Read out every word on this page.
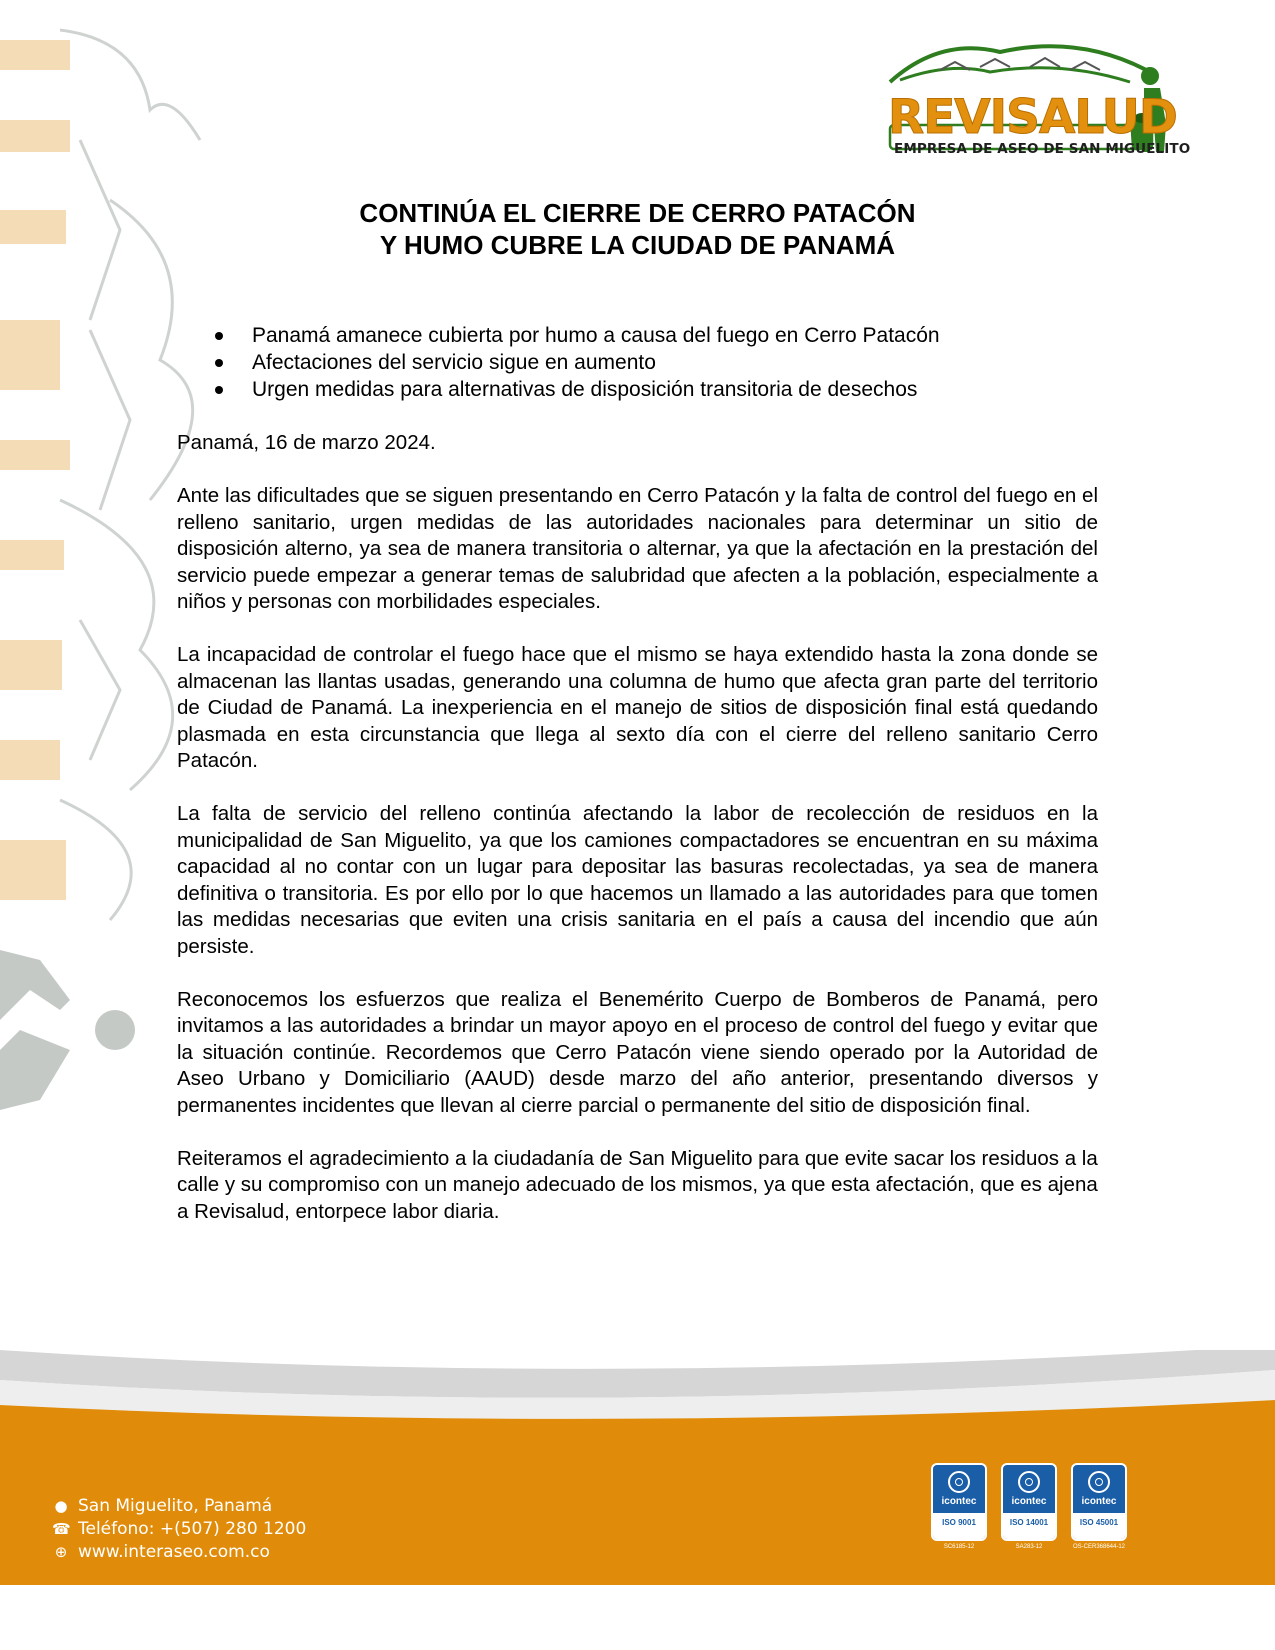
REVISALUD
EMPRESA DE ASEO DE SAN MIGUELITO
CONTINÚA EL CIERRE DE CERRO PATACÓN
Y HUMO CUBRE LA CIUDAD DE PANAMÁ
Panamá amanece cubierta por humo a causa del fuego en Cerro Patacón
Afectaciones del servicio sigue en aumento
Urgen medidas para alternativas de disposición transitoria de desechos

Panamá, 16 de marzo 2024.

Ante las dificultades que se siguen presentando en Cerro Patacón y la falta de control del fuego en el relleno sanitario, urgen medidas de las autoridades nacionales para determinar un sitio de disposición alterno, ya sea de manera transitoria o alternar, ya que la afectación en la prestación del servicio puede empezar a generar temas de salubridad que afecten a la población, especialmente a niños y personas con morbilidades especiales.

La incapacidad de controlar el fuego hace que el mismo se haya extendido hasta la zona donde se almacenan las llantas usadas, generando una columna de humo que afecta gran parte del territorio de Ciudad de Panamá. La inexperiencia en el manejo de sitios de disposición final está quedando plasmada en esta circunstancia que llega al sexto día con el cierre del relleno sanitario Cerro Patacón.

La falta de servicio del relleno continúa afectando la labor de recolección de residuos en la municipalidad de San Miguelito, ya que los camiones compactadores se encuentran en su máxima capacidad al no contar con un lugar para depositar las basuras recolectadas, ya sea de manera definitiva o transitoria. Es por ello por lo que hacemos un llamado a las autoridades para que tomen las medidas necesarias que eviten una crisis sanitaria en el país a causa del incendio que aún persiste.

Reconocemos los esfuerzos que realiza el Benemérito Cuerpo de Bomberos de Panamá, pero invitamos a las autoridades a brindar un mayor apoyo en el proceso de control del fuego y evitar que la situación continúe. Recordemos que Cerro Patacón viene siendo operado por la Autoridad de Aseo Urbano y Domiciliario (AAUD) desde marzo del año anterior, presentando diversos y permanentes incidentes que llevan al cierre parcial o permanente del sitio de disposición final.

Reiteramos el agradecimiento a la ciudadanía de San Miguelito para que evite sacar los residuos a la calle y su compromiso con un manejo adecuado de los mismos, ya que esta afectación, que es ajena a Revisalud, entorpece labor diaria.

● San Miguelito, Panamá
☎ Teléfono: +(507) 280 1200
⊕ www.interaseo.com.co
icontec
ISO 9001
SC6185-12
icontec
ISO 14001
SA283-12
icontec
ISO 45001
OS-CER368644-12
